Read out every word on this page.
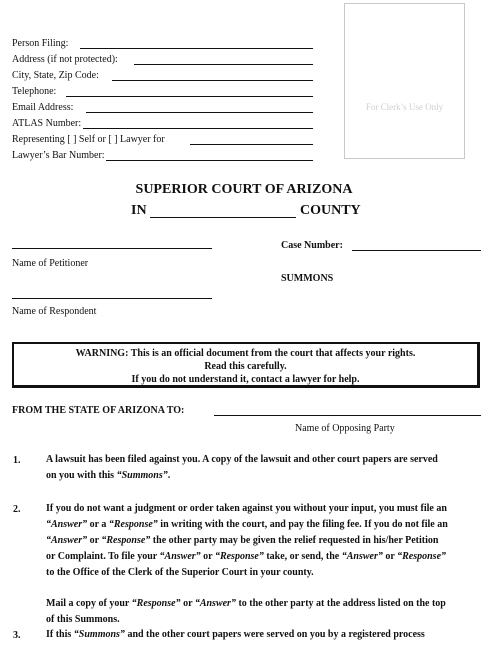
Person Filing:
Address (if not protected):
City, State, Zip Code:
Telephone:
Email Address:
ATLAS Number:
Representing [ ] Self or [ ] Lawyer for
Lawyer’s Bar Number:
For Clerk’s Use Only
SUPERIOR COURT OF ARIZONA
IN	COUNTY
Name of Petitioner
Case Number:
SUMMONS
Name of Respondent
WARNING: This is an official document from the court that affects your rights.
Read this carefully.
If you do not understand it, contact a lawyer for help.
FROM THE STATE OF ARIZONA TO:
Name of Opposing Party
1.	A lawsuit has been filed against you. A copy of the lawsuit and other court papers are served
on you with this “Summons”.
2.	If you do not want a judgment or order taken against you without your input, you must file an
“Answer” or a “Response” in writing with the court, and pay the filing fee. If you do not file an
“Answer” or “Response” the other party may be given the relief requested in his/her Petition
or Complaint. To file your “Answer” or “Response” take, or send, the “Answer” or “Response”
to the Office of the Clerk of the Superior Court in your county.
Mail a copy of your “Response” or “Answer” to the other party at the address listed on the top
of this Summons.
3.	If this “Summons” and the other court papers were served on you by a registered process
